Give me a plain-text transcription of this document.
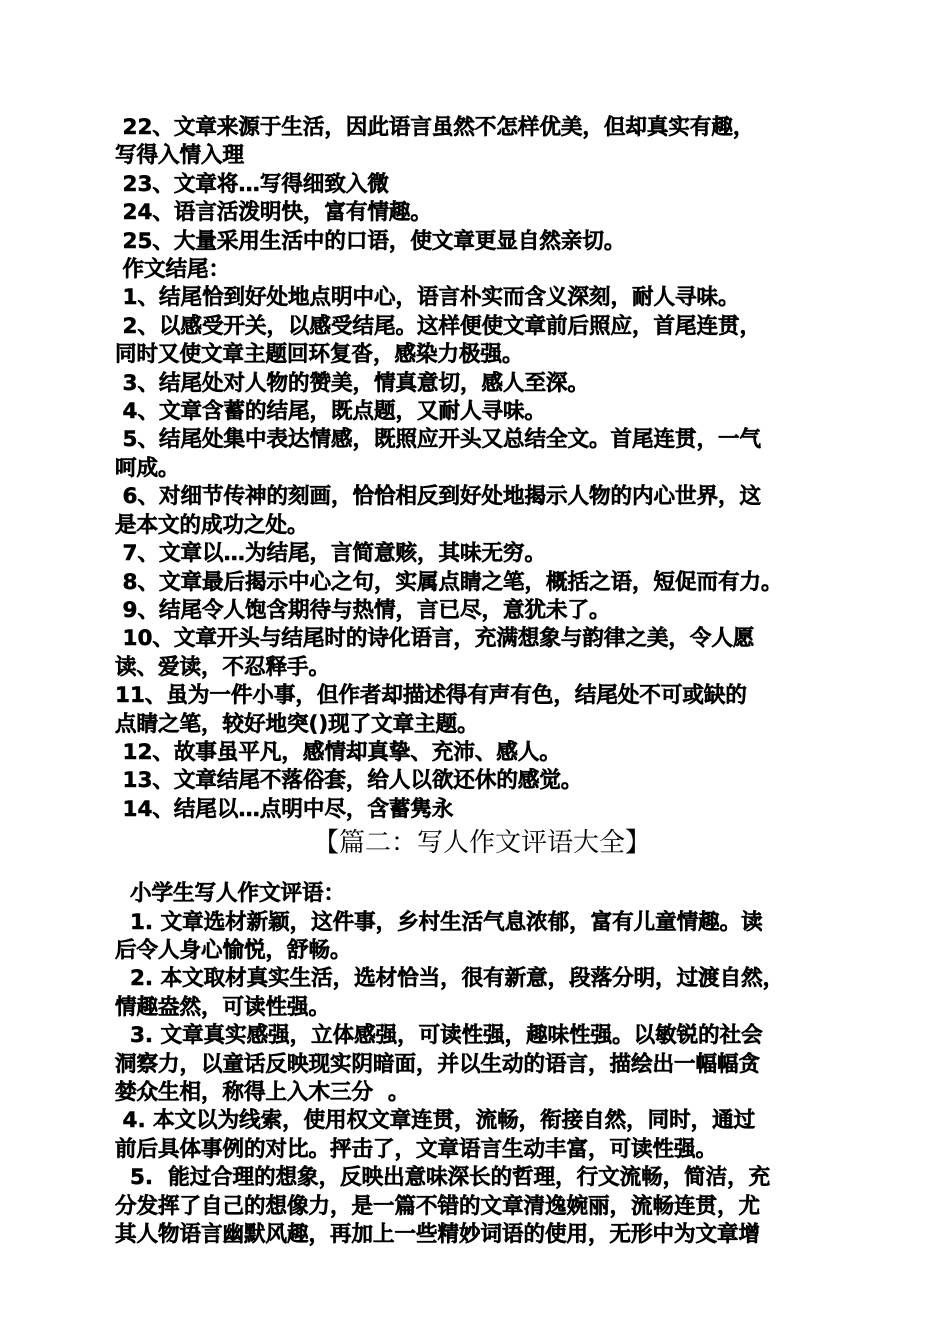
22、文章来源于生活，因此语言虽然不怎样优美，但却真实有趣，
写得入情入理
23、文章将…写得细致入微
24、语言活泼明快，富有情趣。
25、大量采用生活中的口语，使文章更显自然亲切。
作文结尾：
1、结尾恰到好处地点明中心，语言朴实而含义深刻，耐人寻味。
2、以感受开关，以感受结尾。这样便使文章前后照应，首尾连贯，
同时又使文章主题回环复沓，感染力极强。
3、结尾处对人物的赞美，情真意切，感人至深。
4、文章含蓄的结尾，既点题，又耐人寻味。
5、结尾处集中表达情感，既照应开头又总结全文。首尾连贯，一气
呵成。
6、对细节传神的刻画，恰恰相反到好处地揭示人物的内心世界，这
是本文的成功之处。
7、文章以…为结尾，言简意赅，其味无穷。
8、文章最后揭示中心之句，实属点睛之笔，概括之语，短促而有力。
9、结尾令人饱含期待与热情，言已尽，意犹未了。
10、文章开头与结尾时的诗化语言，充满想象与韵律之美，令人愿
读、爱读，不忍释手。
11、虽为一件小事，但作者却描述得有声有色，结尾处不可或缺的
点睛之笔，较好地突()现了文章主题。
12、故事虽平凡，感情却真挚、充沛、感人。
13、文章结尾不落俗套，给人以欲还休的感觉。
14、结尾以…点明中尽，含蓄隽永
【篇二：写人作文评语大全】
小学生写人作文评语：
1. 文章选材新颖，这件事，乡村生活气息浓郁，富有儿童情趣。读
后令人身心愉悦，舒畅。
2. 本文取材真实生活，选材恰当，很有新意，段落分明，过渡自然，
情趣盎然，可读性强。
3. 文章真实感强，立体感强，可读性强，趣味性强。以敏锐的社会
洞察力，以童话反映现实阴暗面，并以生动的语言，描绘出一幅幅贪
婪众生相，称得上入木三分  。
4. 本文以为线索，使用权文章连贯，流畅，衔接自然，同时，通过
前后具体事例的对比。抨击了，文章语言生动丰富，可读性强。
5.  能过合理的想象，反映出意味深长的哲理，行文流畅，简洁，充
分发挥了自己的想像力，是一篇不错的文章清逸婉丽，流畅连贯，尤
其人物语言幽默风趣，再加上一些精妙词语的使用，无形中为文章增
